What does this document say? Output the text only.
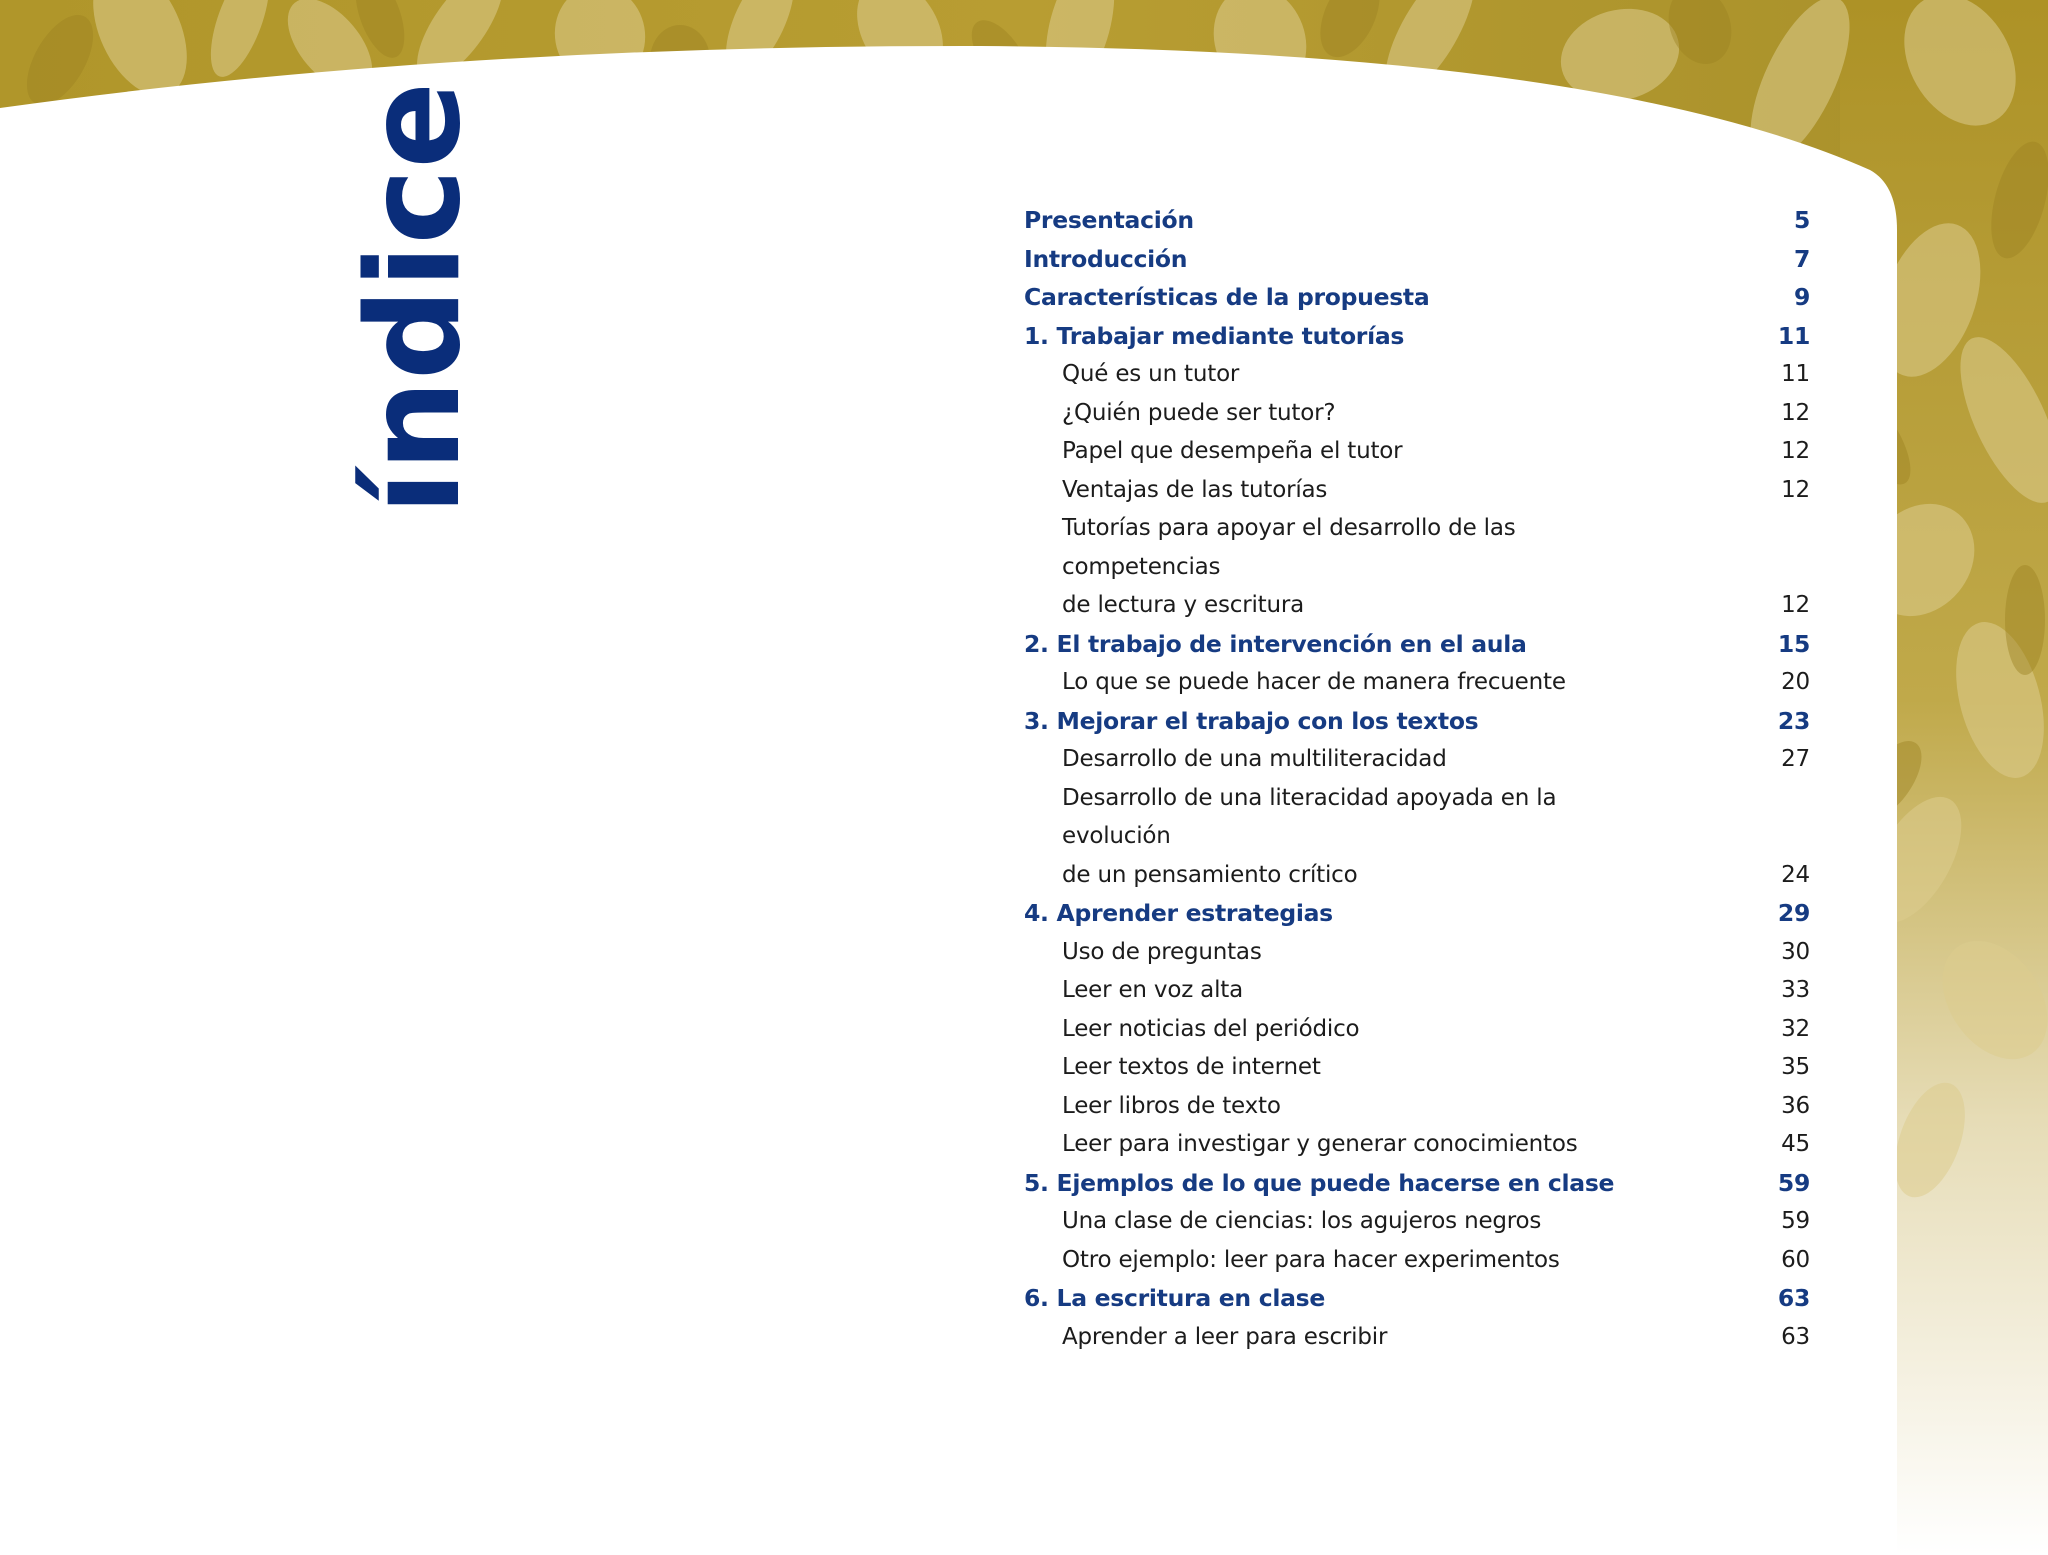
índice	Presentación	5
Introducción	7
Características de la propuesta	9
1. Trabajar mediante tutorías	11
Qué es un tutor	11
¿Quién puede ser tutor?	12
Papel que desempeña el tutor	12
Ventajas de las tutorías	12
Tutorías para apoyar el desarrollo de las competencias
de lectura y escritura	12
2. El trabajo de intervención en el aula	15
Lo que se puede hacer de manera frecuente	20
3. Mejorar el trabajo con los textos	23
Desarrollo de una multiliteracidad	27
Desarrollo de una literacidad apoyada en la evolución
de un pensamiento crítico	24
4. Aprender estrategias	29
Uso de preguntas	30
Leer en voz alta	33
Leer noticias del periódico	32
Leer textos de internet	35
Leer libros de texto	36
Leer para investigar y generar conocimientos	45
5. Ejemplos de lo que puede hacerse en clase	59
Una clase de ciencias: los agujeros negros	59
Otro ejemplo: leer para hacer experimentos	60
6. La escritura en clase	63
Aprender a leer para escribir	63
